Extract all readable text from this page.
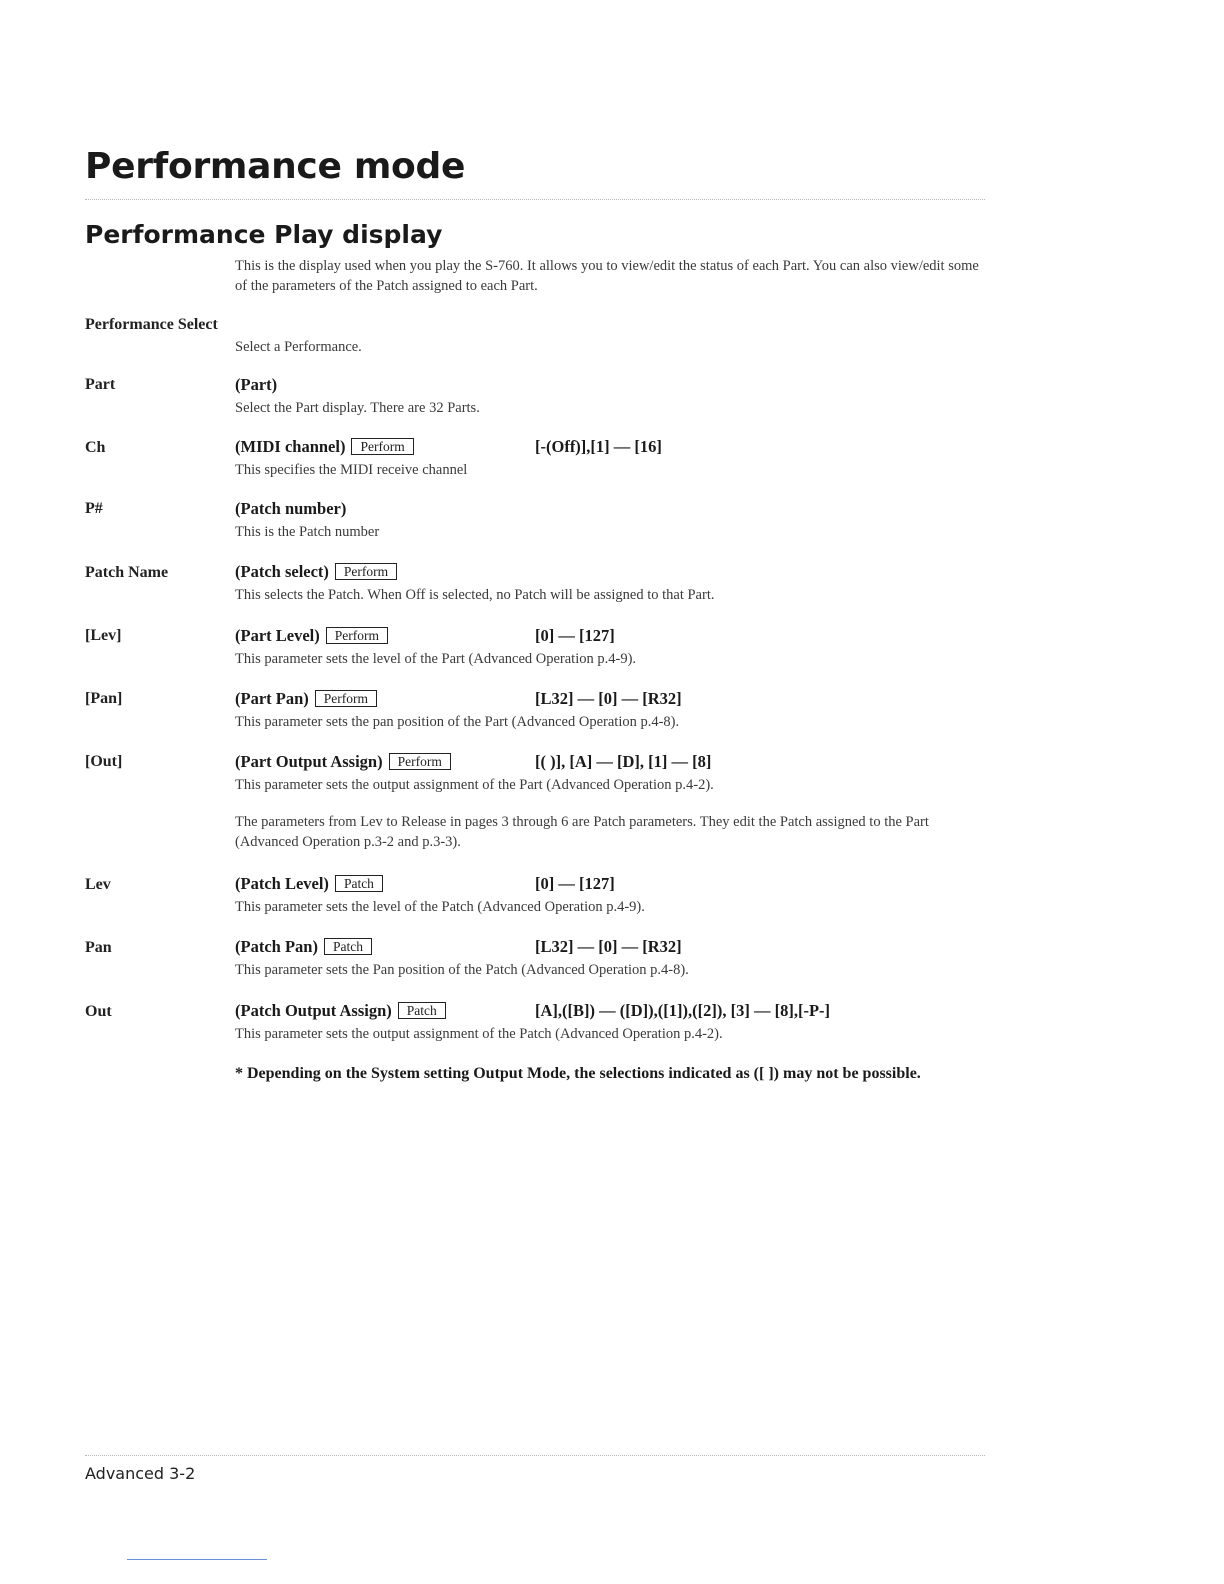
Performance mode
Performance Play display

This is the display used when you play the S-760. It allows you to view/edit the status of each Part. You can also view/edit some of the parameters of the Patch assigned to each Part.

Performance Select
Select a Performance.
Part	(Part)
Select the Part display. There are 32 Parts.
Ch	(MIDI channel) Perform	[-(Off)],[1] — [16]
This specifies the MIDI receive channel
P#	(Patch number)
This is the Patch number
Patch Name	(Patch select) Perform
This selects the Patch. When Off is selected, no Patch will be assigned to that Part.
[Lev]	(Part Level) Perform	[0] — [127]
This parameter sets the level of the Part (Advanced Operation p.4-9).
[Pan]	(Part Pan) Perform	[L32] — [0] — [R32]
This parameter sets the pan position of the Part (Advanced Operation p.4-8).
[Out]	(Part Output Assign) Perform	[( )], [A] — [D], [1] — [8]
This parameter sets the output assignment of the Part (Advanced Operation p.4-2).

The parameters from Lev to Release in pages 3 through 6 are Patch parameters. They edit the Patch assigned to the Part (Advanced Operation p.3-2 and p.3-3).

Lev	(Patch Level) Patch	[0] — [127]
This parameter sets the level of the Patch (Advanced Operation p.4-9).
Pan	(Patch Pan) Patch	[L32] — [0] — [R32]
This parameter sets the Pan position of the Patch (Advanced Operation p.4-8).
Out	(Patch Output Assign) Patch	[A],([B]) — ([D]),([1]),([2]), [3] — [8],[-P-]
This parameter sets the output assignment of the Patch (Advanced Operation p.4-2).
* Depending on the System setting Output Mode, the selections indicated as ([ ]) may not be possible.
Advanced 3-2
